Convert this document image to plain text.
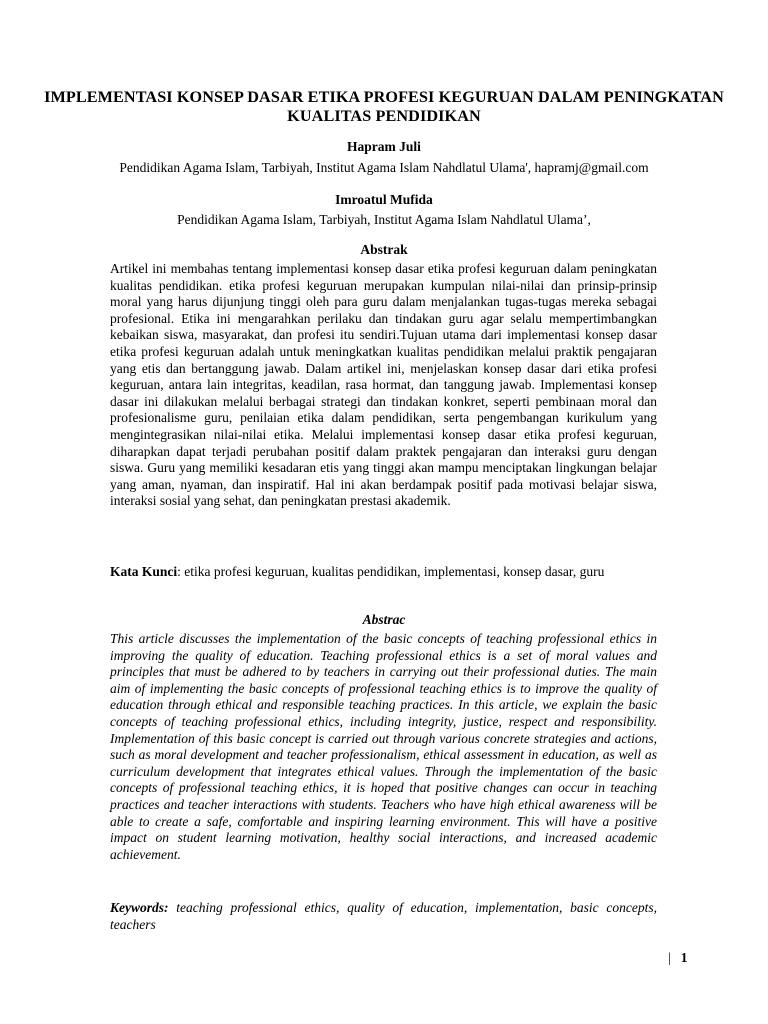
IMPLEMENTASI KONSEP DASAR ETIKA PROFESI KEGURUAN DALAM PENINGKATAN KUALITAS PENDIDIKAN

Hapram Juli

Pendidikan Agama Islam, Tarbiyah, Institut Agama Islam Nahdlatul Ulama', hapramj@gmail.com

Imroatul Mufida

Pendidikan Agama Islam, Tarbiyah, Institut Agama Islam Nahdlatul Ulama’,

Abstrak

Artikel ini membahas tentang implementasi konsep dasar etika profesi keguruan dalam peningkatan kualitas pendidikan. etika profesi keguruan merupakan kumpulan nilai-nilai dan prinsip-prinsip moral yang harus dijunjung tinggi oleh para guru dalam menjalankan tugas-tugas mereka sebagai profesional. Etika ini mengarahkan perilaku dan tindakan guru agar selalu mempertimbangkan kebaikan siswa, masyarakat, dan profesi itu sendiri.Tujuan utama dari implementasi konsep dasar etika profesi keguruan adalah untuk meningkatkan kualitas pendidikan melalui praktik pengajaran yang etis dan bertanggung jawab. Dalam artikel ini, menjelaskan konsep dasar dari etika profesi keguruan, antara lain integritas, keadilan, rasa hormat, dan tanggung jawab. Implementasi konsep dasar ini dilakukan melalui berbagai strategi dan tindakan konkret, seperti pembinaan moral dan profesionalisme guru, penilaian etika dalam pendidikan, serta pengembangan kurikulum yang mengintegrasikan nilai-nilai etika. Melalui implementasi konsep dasar etika profesi keguruan, diharapkan dapat terjadi perubahan positif dalam praktek pengajaran dan interaksi guru dengan siswa. Guru yang memiliki kesadaran etis yang tinggi akan mampu menciptakan lingkungan belajar yang aman, nyaman, dan inspiratif. Hal ini akan berdampak positif pada motivasi belajar siswa, interaksi sosial yang sehat, dan peningkatan prestasi akademik.

Kata Kunci: etika profesi keguruan, kualitas pendidikan, implementasi, konsep dasar, guru

Abstrac

This article discusses the implementation of the basic concepts of teaching professional ethics in improving the quality of education. Teaching professional ethics is a set of moral values and principles that must be adhered to by teachers in carrying out their professional duties. The main aim of implementing the basic concepts of professional teaching ethics is to improve the quality of education through ethical and responsible teaching practices. In this article, we explain the basic concepts of teaching professional ethics, including integrity, justice, respect and responsibility. Implementation of this basic concept is carried out through various concrete strategies and actions, such as moral development and teacher professionalism, ethical assessment in education, as well as curriculum development that integrates ethical values. Through the implementation of the basic concepts of professional teaching ethics, it is hoped that positive changes can occur in teaching practices and teacher interactions with students. Teachers who have high ethical awareness will be able to create a safe, comfortable and inspiring learning environment. This will have a positive impact on student learning motivation, healthy social interactions, and increased academic achievement.

Keywords: teaching professional ethics, quality of education, implementation, basic concepts, teachers

| 1
